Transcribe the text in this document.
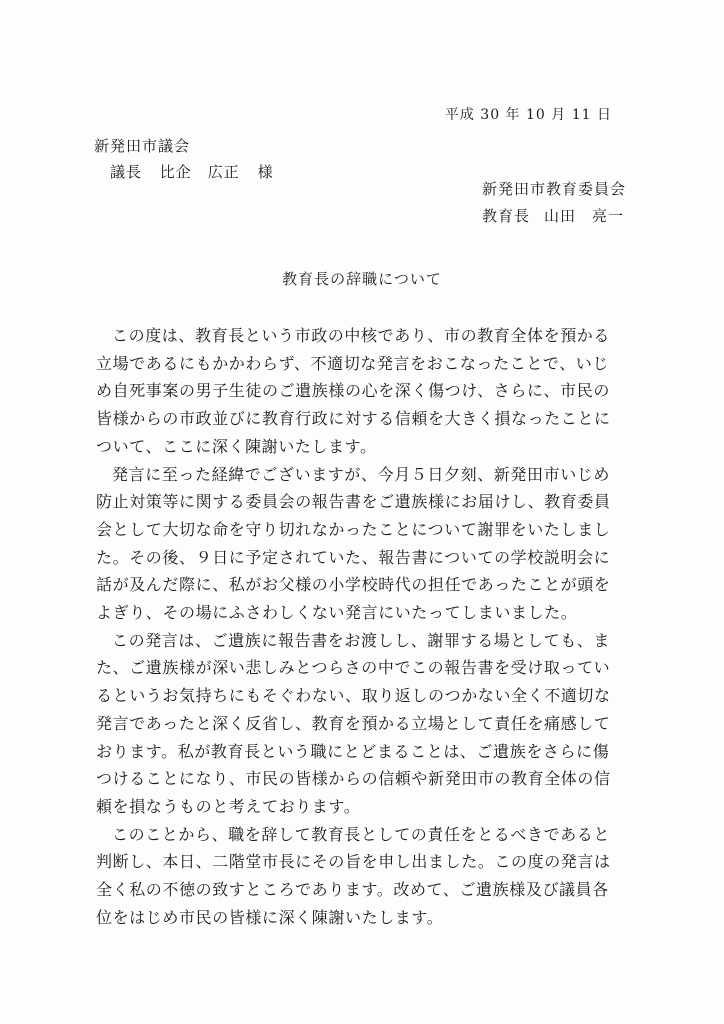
平成 30 年 10 月 11 日
新発田市議会
議長 比企　広正 様
新発田市教育委員会
教育長 山田　亮一
教育長の辞職について

この度は、教育長という市政の中核であり、市の教育全体を預かる立場であるにもかかわらず、不適切な発言をおこなったことで、いじめ自死事案の男子生徒のご遺族様の心を深く傷つけ、さらに、市民の皆様からの市政並びに教育行政に対する信頼を大きく損なったことについて、ここに深く陳謝いたします。

発言に至った経緯でございますが、今月５日夕刻、新発田市いじめ防止対策等に関する委員会の報告書をご遺族様にお届けし、教育委員会として大切な命を守り切れなかったことについて謝罪をいたしました。その後、９日に予定されていた、報告書についての学校説明会に話が及んだ際に、私がお父様の小学校時代の担任であったことが頭をよぎり、その場にふさわしくない発言にいたってしまいました。

この発言は、ご遺族に報告書をお渡しし、謝罪する場としても、また、ご遺族様が深い悲しみとつらさの中でこの報告書を受け取っているというお気持ちにもそぐわない、取り返しのつかない全く不適切な発言であったと深く反省し、教育を預かる立場として責任を痛感しております。私が教育長という職にとどまることは、ご遺族をさらに傷つけることになり、市民の皆様からの信頼や新発田市の教育全体の信頼を損なうものと考えております。

このことから、職を辞して教育長としての責任をとるべきであると判断し、本日、二階堂市長にその旨を申し出ました。この度の発言は全く私の不徳の致すところであります。改めて、ご遺族様及び議員各位をはじめ市民の皆様に深く陳謝いたします。
